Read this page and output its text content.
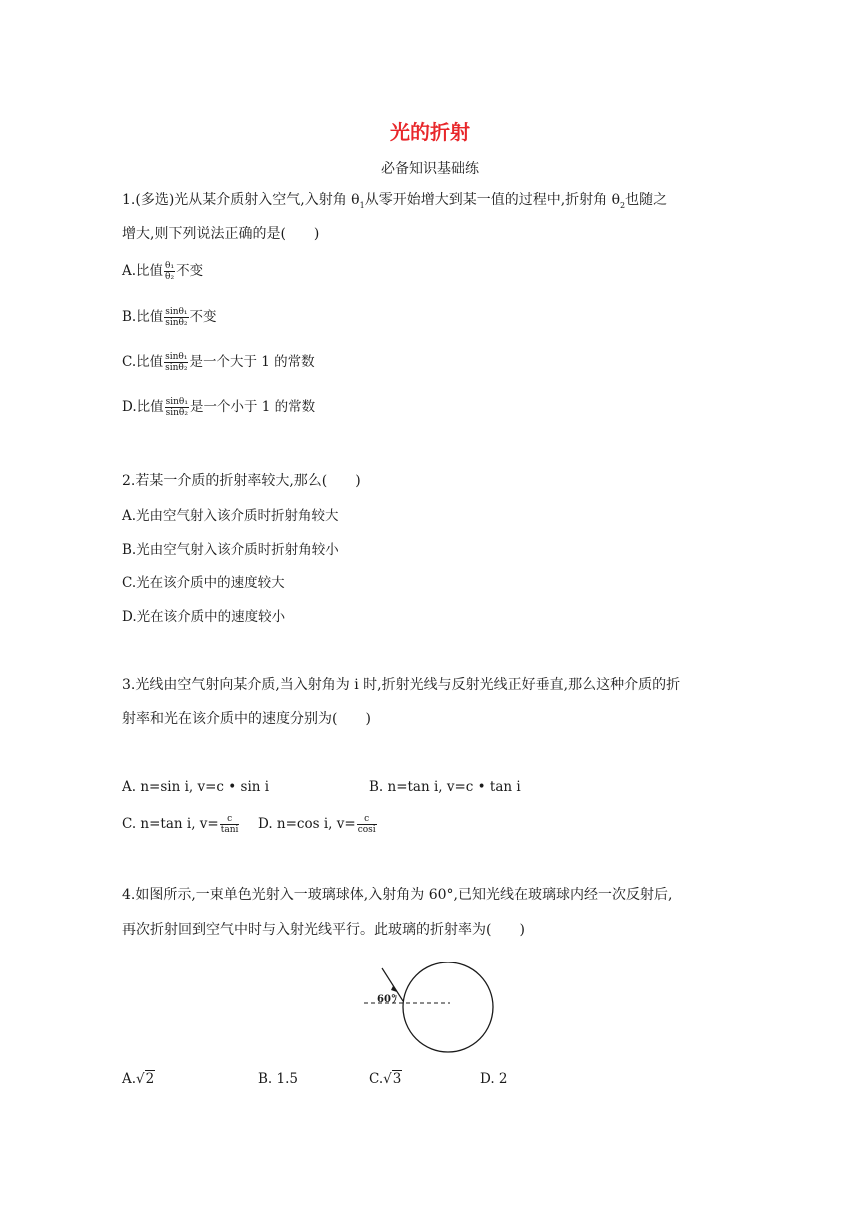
光的折射
必备知识基础练
1.(多选)光从某介质射入空气,入射角 $\theta_1$从零开始增大到某一值的过程中,折射角 $\theta_2$也随之
增大,则下列说法正确的是(　　)
A.比值 $\frac{\text{θ₁}}{\text{θ₂}}$ 不变
B.比值 $\frac{\text{sinθ₁}}{\text{sinθ₂}}$ 不变
C.比值 $\frac{\text{sinθ₁}}{\text{sinθ₂}}$ 是一个大于 1 的常数
D.比值 $\frac{\text{sinθ₁}}{\text{sinθ₂}}$ 是一个小于 1 的常数
2.若某一介质的折射率较大,那么(　　)
A.光由空气射入该介质时折射角较大
B.光由空气射入该介质时折射角较小
C.光在该介质中的速度较大
D.光在该介质中的速度较小
3.光线由空气射向某介质,当入射角为 i 时,折射光线与反射光线正好垂直,那么这种介质的折
射率和光在该介质中的速度分别为(　　)
A. n=sin i, v=c • sin i	B. n=tan i, v=c • tan i
C. n=tan i, $v= \frac{c}{\tan i} D$. n=cos i, $v= \frac{c}{\cos i}$
4.如图所示,一束单色光射入一玻璃球体,入射角为 60°,已知光线在玻璃球内经一次反射后,
再次折射回到空气中时与入射光线平行。此玻璃的折射率为(　　)
60°
A.√2	B. 1.5	C.√3	D. 2
